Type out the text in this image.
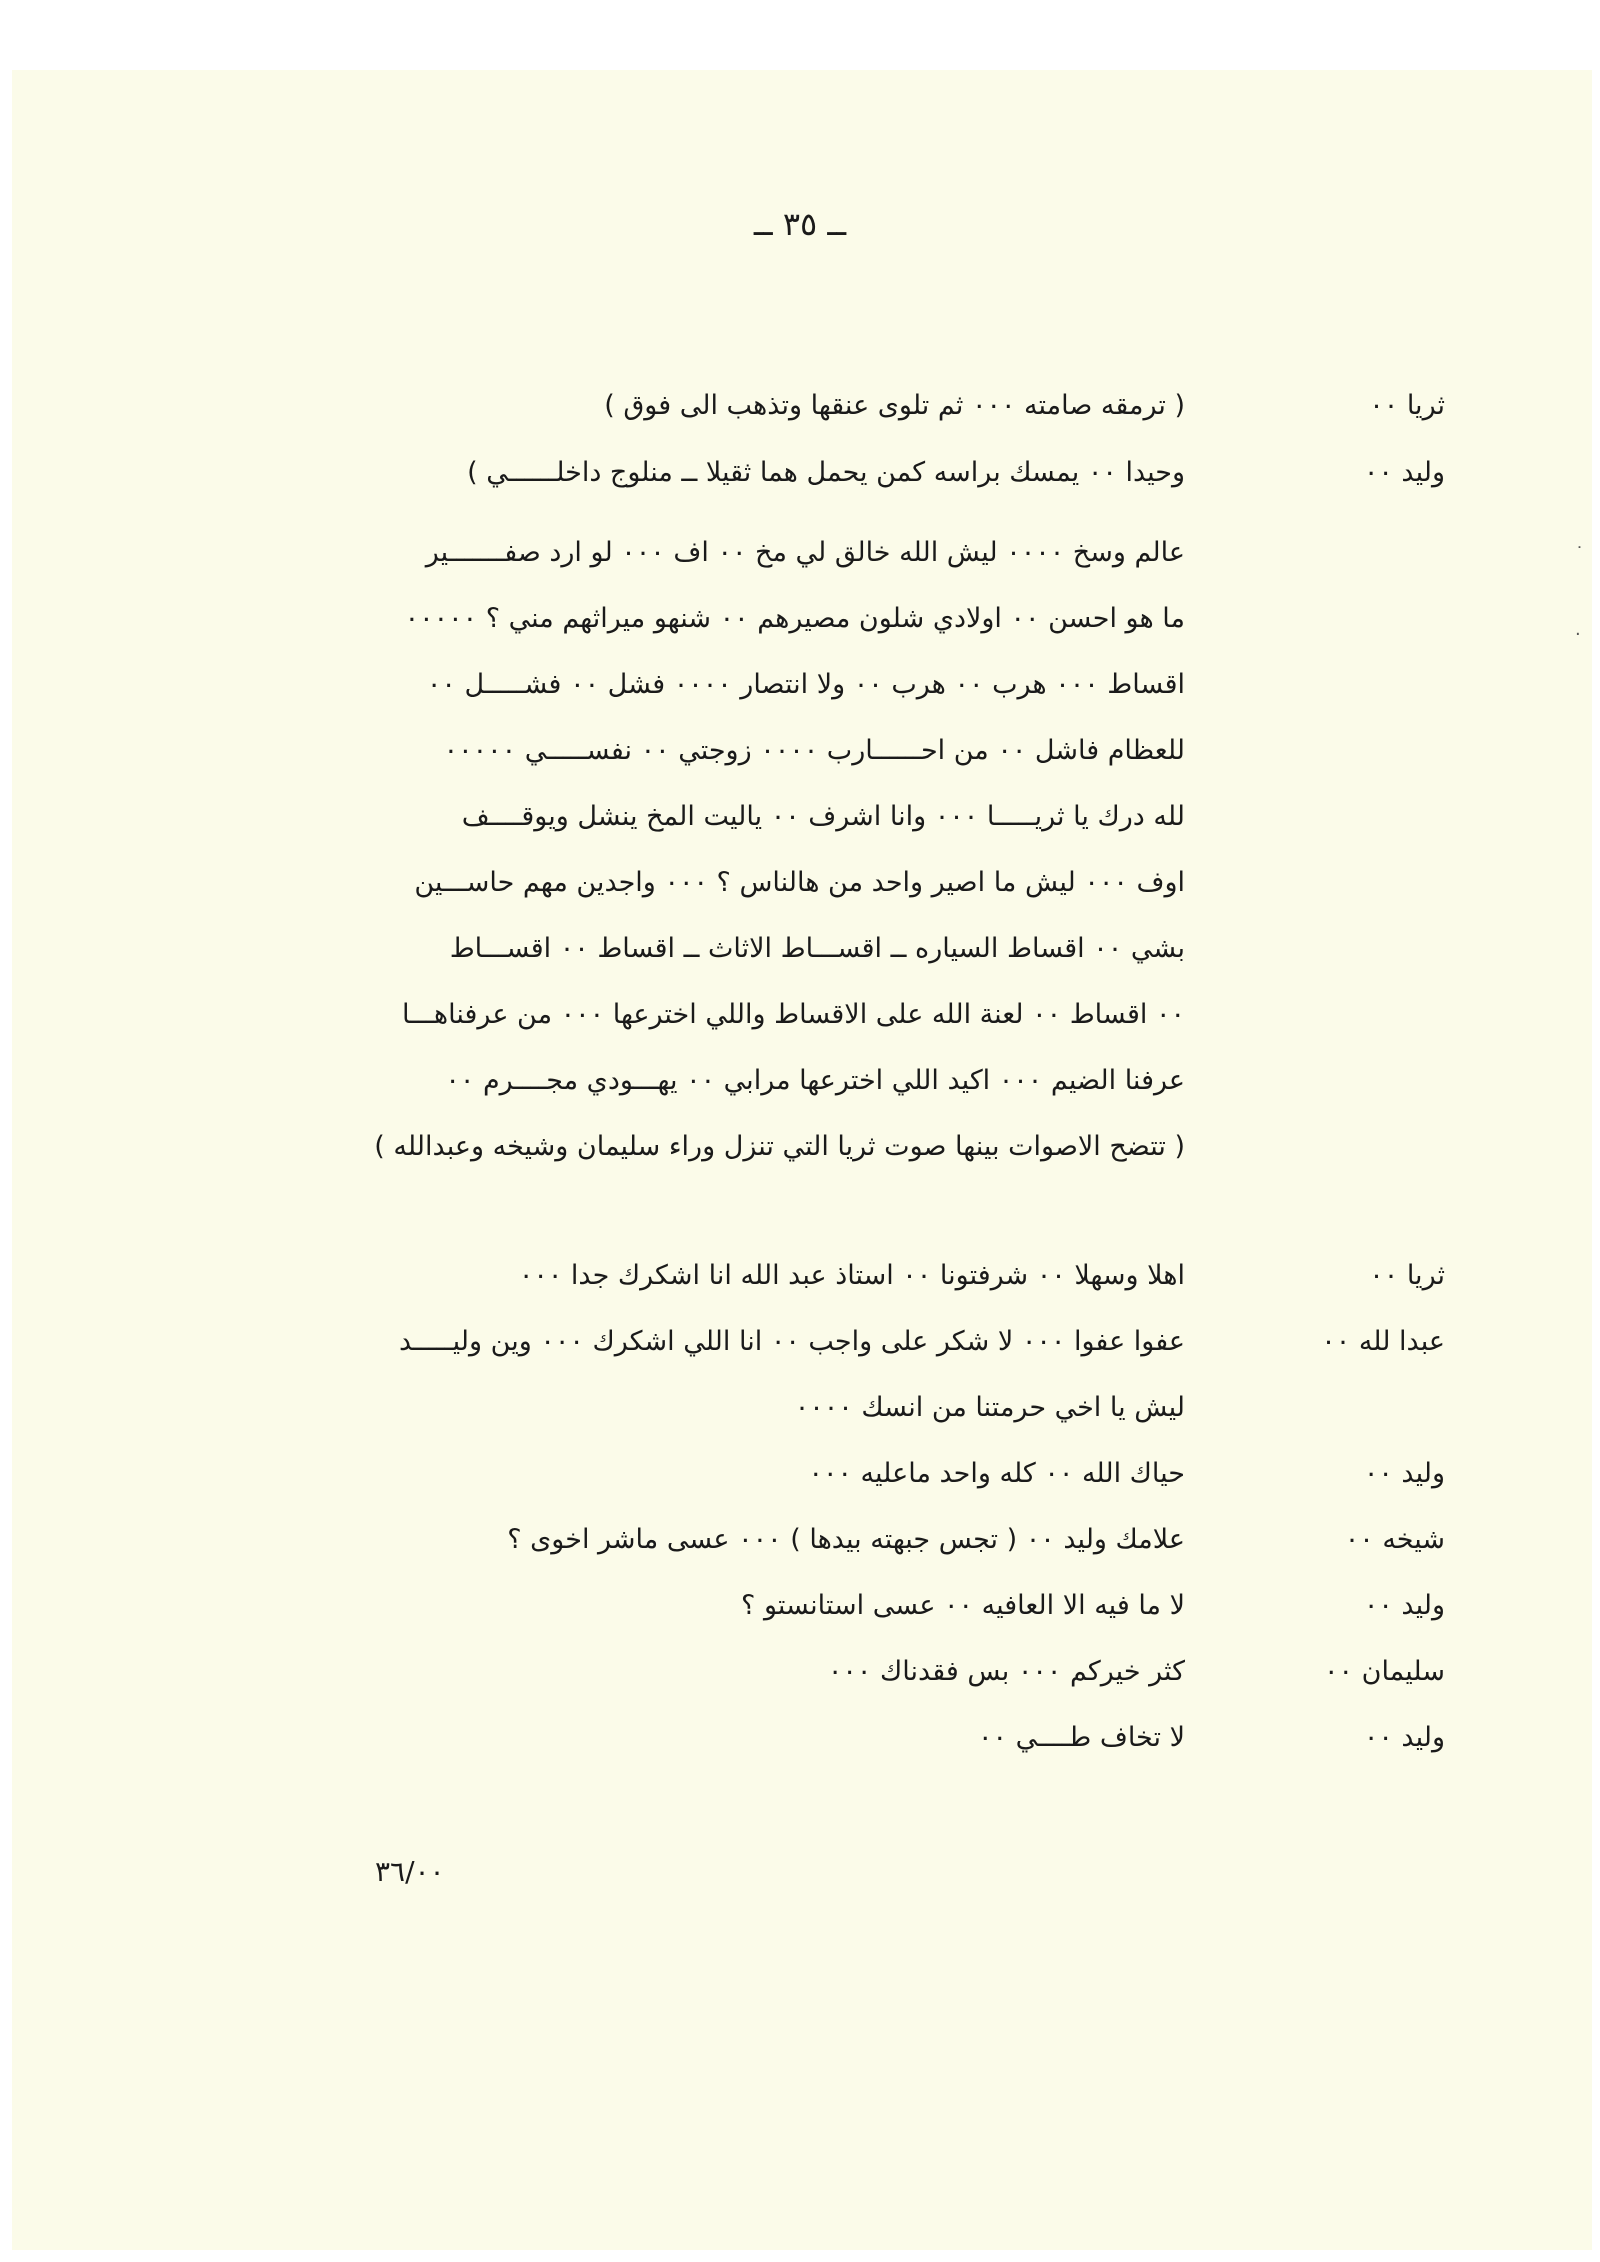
ــ ٣٥ ــ
ثريا ٠٠
( ترمقه صامته ٠٠٠ ثم تلوى عنقها وتذهب الى فوق )
وليد ٠٠
وحيدا ٠٠ يمسك براسه كمن يحمل هما ثقيلا ــ منلوج داخلــــــي )
عالم وسخ ٠٠٠٠ ليش الله خالق لي مخ ٠٠ اف ٠٠٠ لو ارد صفـــــــير
ما هو احسن ٠٠ اولادي شلون مصيرهم ٠٠ شنهو ميراثهم مني ؟ ٠٠٠٠٠
اقساط ٠٠٠ هرب ٠٠ هرب ٠٠ ولا انتصار ٠٠٠٠ فشل ٠٠ فشـــــل ٠٠
للعظام فاشل ٠٠ من احــــــارب ٠٠٠٠ زوجتي ٠٠ نفســـــي ٠٠٠٠٠
لله درك يا ثريـــــا ٠٠٠ وانا اشرف ٠٠ ياليت المخ ينشل ويوقــــف
اوف ٠٠٠ ليش ما اصير واحد من هالناس ؟ ٠٠٠ واجدين مهم حاســـين
بشي ٠٠ اقساط السياره ــ اقســـاط الاثاث ــ اقساط ٠٠ اقســـاط
٠٠ اقساط ٠٠ لعنة الله على الاقساط واللي اخترعها ٠٠٠ من عرفناهـــا
عرفنا الضيم ٠٠٠ اكيد اللي اخترعها مرابي ٠٠ يهـــودي مجــــرم ٠٠
( تتضح الاصوات بينها صوت ثريا التي تنزل وراء سليمان وشيخه وعبدالله )
ثريا ٠٠
اهلا وسهلا ٠٠ شرفتونا ٠٠ استاذ عبد الله انا اشكرك جدا ٠٠٠
عبدا لله ٠٠
عفوا عفوا ٠٠٠ لا شكر على واجب ٠٠ انا اللي اشكرك ٠٠٠ وين وليـــــد
ليش يا اخي حرمتنا من انسك ٠٠٠٠
وليد ٠٠
حياك الله ٠٠ كله واحد ماعليه ٠٠٠
شيخه ٠٠
علامك وليد ٠٠ ( تجس جبهته بيدها ) ٠٠٠ عسى ماشر اخوى ؟
وليد ٠٠
لا ما فيه الا العافيه ٠٠ عسى استانستو ؟
سليمان ٠٠
كثر خيركم ٠٠٠ بس فقدناك ٠٠٠
وليد ٠٠
لا تخاف طــــي ٠٠
˙

·
٣٦/٠٠
